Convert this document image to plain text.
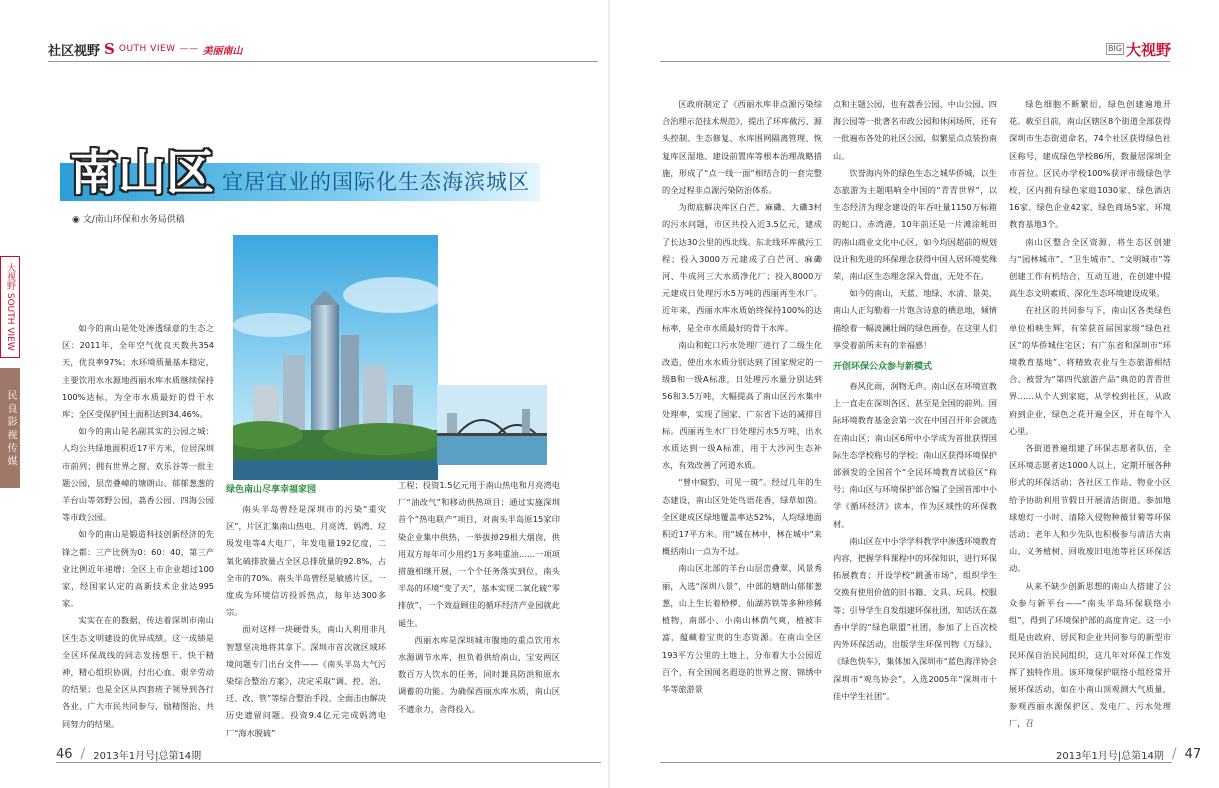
社区视野 S OUTH VIEW —— 美丽南山	BIG 大视野
南山区 宜居宜业的国际化生态海滨城区
◉ 文/南山环保和水务局供稿
大视野 SOUTH VIEW
民 良 影 视 传 媒

如今的南山是处处渗透绿意的生态之区：2011年，全年空气优良天数共354天，优良率97%；水环境质量基本稳定，主要饮用水水源地西丽水库水质继续保持100%达标，为全市水质最好的骨干水库；全区受保护国土面积达到34.46%。

如今的南山是名副其实的公园之城：人均公共绿地面积近17平方米，位居深圳市前列；拥有世界之窗、欢乐谷等一批主题公园，层峦叠嶂的塘朗山、郁郁葱葱的羊台山等郊野公园，荔香公园、四海公园等市政公园。

如今的南山是锻造科技创新经济的先锋之都：三产比例为0：60：40，第三产业比例近年递增；全区上市企业超过100家，经国家认定的高新技术企业达995家。

实实在在的数据，传达着深圳市南山区生态文明建设的优异成绩。这一成绩是全区环保战线的同志发扬想干、快干精神，精心组织协调，付出心血、艰辛劳动的结果；也是全区从四套班子领导到各行各业、广大市民共同参与，励精图治、共同努力的结果。

绿色南山尽享幸福家园

南头半岛曾经是深圳市的污染“重灾区”，片区汇集南山热电、月亮湾、妈湾、垃圾发电等4大电厂，年发电量192亿度，二氧化硫排放量占全区总排放量的92.8%，占全市的70%。南头半岛曾经是敏感片区，一度成为环境信访投诉热点，每年达300多宗。

面对这样一块硬骨头，南山人利用非凡智慧坚决地将其拿下。深圳市首次就区域环境问题专门出台文件——《南头半岛大气污染综合整治方案》，决定采取“调、控、治、迁、改、管”等综合整治手段，全面击由解决历史遗留问题。投资9.4亿元完成妈湾电厂“海水脱硫”

工程；投资1.5亿元用于南山热电和月亮湾电厂“油改气”和移动供热项目；通过实施深圳首个“热电联产”项目，对南头半岛原15家印染企业集中供热，一举拔掉29根大烟囱，供用双方每年可少用约1万多吨重油……一项项措施相继开展，一个个任务落实到位，南头半岛的环境“变了天”，基本实现二氧化硫“零排放”，一个效益顾佳的循环经济产业园就此诞生。

西丽水库是深圳城市腹地的重点饮用水水源调节水库，担负着供给南山、宝安两区数百万人饮水的任务，同时兼具防洪和原水调蓄的功能。为确保西丽水库水质，南山区不遗余力，舍得投入。

区政府制定了《西丽水库非点源污染综合治理示范技术规范》，提出了环库截污、源头控制、生态修复、水库围网隔离管理、恢复库区湿地、建设前置库等根本治理战略措施，形成了“点一线一面”相结合的一套完整的全过程非点源污染防治体系。

为彻底解决库区白芒、麻磡、大磡3村的污水问题，市区共投入近3.5亿元，建成了长达30公里的西北线、东北线环库截污工程；投入3000万元建成了白芒河、麻磡河、牛成河三大水质净化厂；投入8000万元建成日处理污水5万吨的西丽再生水厂。近年来，西丽水库水质始终保持100%的达标率，是全市水质最好的骨干水库。

南山和蛇口污水处理厂进行了二级生化改造，使出水水质分别达到了国家规定的一级B和一级A标准，日处理污水量分别达到56和3.5万吨，大幅提高了南山区污水集中处理率，实现了国家、广东省下达的减排目标。西丽再生水厂日处理污水5万吨，出水水质达到一级A标准，用于大沙河生态补水，有效改善了河道水质。

“曾中窥豹，可见一斑”。经过几年的生态建设，南山区处处鸟语花香，绿草如茵。全区建成区绿地覆盖率达52%，人均绿地面积近17平方米。用“城在林中，林在城中”来概括南山一点为不过。

南山区北部的羊台山层峦叠翠、风景秀丽，入选“深圳八景”，中部的塘朗山郁郁葱葱，山上生长着桫椤、仙湖苏铁等多种珍稀植物，南部小、小南山林荫气爽，植被丰富，蕴藏着宝贵的生态资源。在南山全区193平方公里的土地上，分布着大小公园近百个，有全国闻名遐迩的世界之窗、锦绣中华等旅游景

点和主题公园，也有荔香公园、中山公园、四海公园等一批著名市政公园和休闲场所，还有一批遍布各处的社区公园，似繁星点点装扮南山。

饮誉海内外的绿色生态之城华侨城，以生态旅游为主题唱响全中国的“青青世界”，以生态经济为理念建设的年吞吐量1150万标箱的蛇口、赤湾港，10年前还是一片滩涂蚝田的南山商业文化中心区，如今均因超前的规划设计和先进的环保理念获得中国人居环境奖殊荣，南山区生态理念深入骨血，无处不在。

如今的南山，天蓝、地绿、水清、景美，南山人正勾勒着一片饱含诗意的栖息地，倾情描绘着一幅波澜壮阔的绿色画卷，在这里人们享受着前所未有的幸福感！

开创环保公众参与新模式

春风化雨，润物无声。南山区在环境宣教上一直走在深圳各区、甚至是全国的前列。国际环境教育基金会第一次在中国召开年会就选在南山区；南山区6所中小学成为首批获得国际生态学校称号的学校；南山区获得环境保护部颁发的全国首个“全民环境教育试验区”称号；南山区与环境保护部合编了全国首部中小学《循环经济》读本，作为区域性的环保教材。

南山区在中小学学科教学中渗透环境教育内容，把握学科课程中的环保知识，进行环保拓展教育；开设学校“跳蚤市场”，组织学生交换有使用价值的旧书籍、文具、玩具、校服等；引导学生自发组建环保社团，知话沃在荔香中学的“绿色联盟”社团，参加了上百次校内外环保活动，出版学生环保刊物《万绿》、《绿色快车》，集体加入深圳市“蓝色海洋协会 深圳市“观鸟协会”，入选2005年“深圳市十佳中学生社团”。

绿色细胞不断繁衍，绿色创建遍地开花。截至目前，南山区辖区8个街道全部获得深圳市生态街道命名，74个社区获得绿色社区称号，建成绿色学校86所，数量居深圳全市首位。区民办学校100%获评市级绿色学校，区内拥有绿色家庭1030家、绿色酒店16家、绿色企业42家、绿色商场5家、环境教育基地3个。

南山区整合全区资源，将生态区创建与“园林城市”、“卫生城市”、“文明城市”等创建工作有机结合，互动互进，在创建中提高生态文明素质、深化生态环境建设成果。

在社区的共同参与下，南山区各类绿色单位相映生辉，有荣获首届国家级“绿色社区”的华侨城住宅区；有广东省和深圳市“环境教育基地”、将精致农业与生态旅游相结合、被誉为“第四代旅游产品”典范的青青世界……从个人到家庭，从学校到社区，从政府到企业，绿色之花开遍全区，开在每个人心里。

各街道普遍组建了环保志愿者队伍，全区环境志愿者达1000人以上，定期开展各种形式的环保活动；各社区工作站、物业小区给予协助利用节假日开展清洁街道、参加地球熄灯一小时、清除入侵物种薇甘菊等环保活动；老年人和少先队也积极参与清洁大南山、义务植树、回收废旧电池等社区环保活动。

从来不缺少创新思想的南山人搭建了公众参与新平台——“南头半岛环保联络小组”，得到了环境保护部的高度肯定。这一小组是由政府、居民和企业共同参与的新型市民环保自治民间组织，这几年对环保工作发挥了独特作用。该环境保护联络小组经常开展环保活动，如在小南山顶观测大气质量，参观西丽水源保护区、发电厂、污水处理厂，召

46 / 2013年1月号|总第14期	2013年1月号|总第14期 / 47
